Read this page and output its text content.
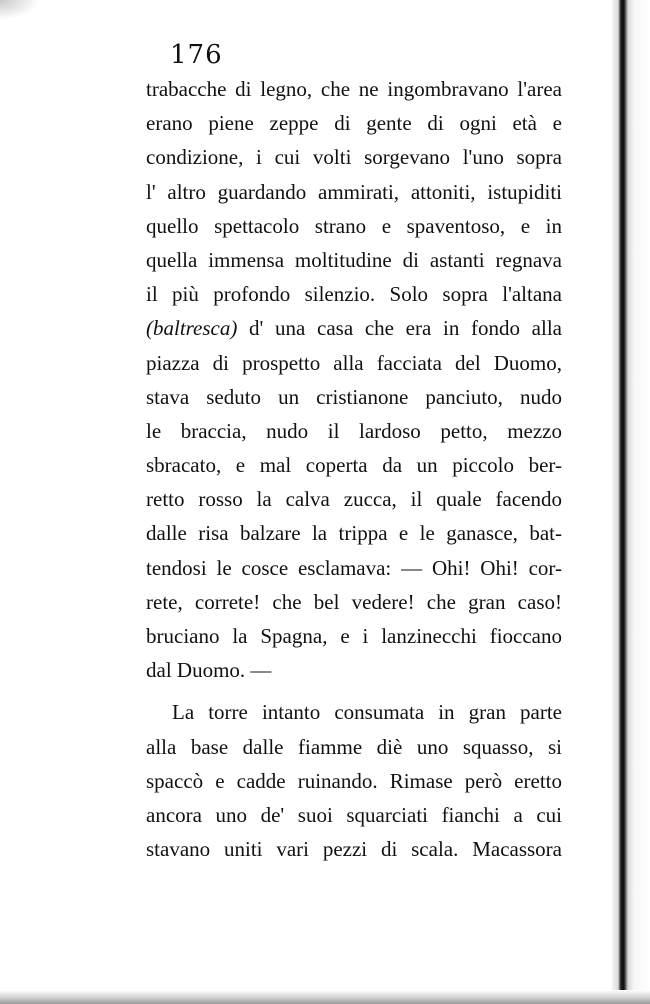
176
trabacche di legno, che ne ingombravano l'area
erano piene zeppe di gente di ogni età e
condizione, i cui volti sorgevano l'uno sopra
l' altro guardando ammirati, attoniti, istupiditi
quello spettacolo strano e spaventoso, e in
quella immensa moltitudine di astanti regnava
il più profondo silenzio. Solo sopra l'altana
(baltresca) d' una casa che era in fondo alla
piazza di prospetto alla facciata del Duomo,
stava seduto un cristianone panciuto, nudo
le braccia, nudo il lardoso petto, mezzo
sbracato, e mal coperta da un piccolo ber-
retto rosso la calva zucca, il quale facendo
dalle risa balzare la trippa e le ganasce, bat-
tendosi le cosce esclamava: — Ohi! Ohi! cor-
rete, correte! che bel vedere! che gran caso!
bruciano la Spagna, e i lanzinecchi fioccano
dal Duomo. —
La torre intanto consumata in gran parte
alla base dalle fiamme diè uno squasso, si
spaccò e cadde ruinando. Rimase però eretto
ancora uno de' suoi squarciati fianchi a cui
stavano uniti vari pezzi di scala. Macassora
